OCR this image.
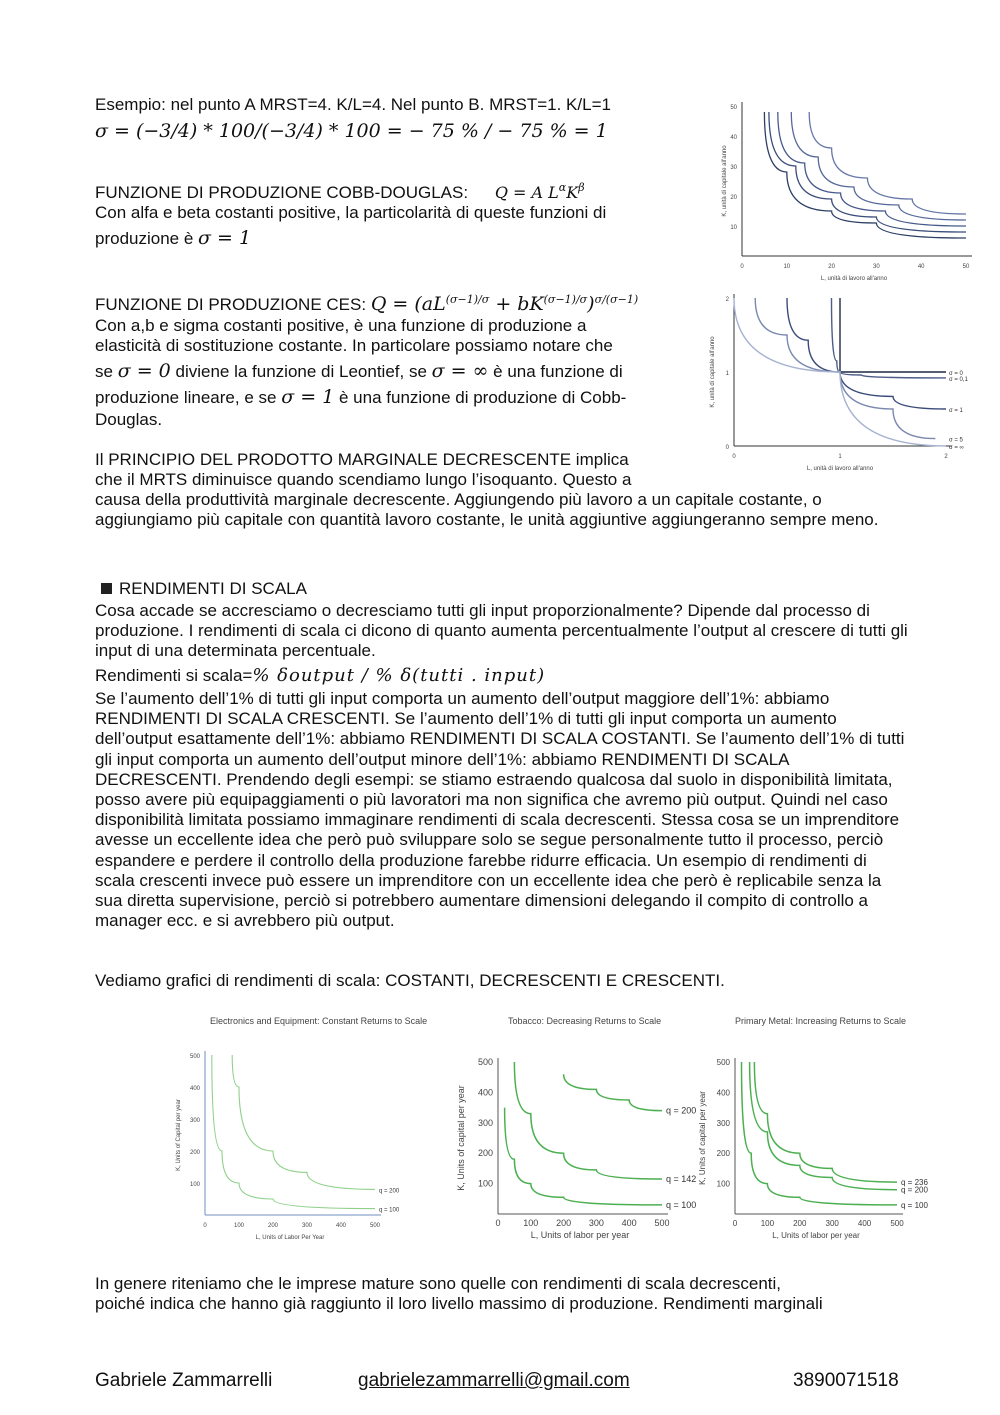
Esempio: nel punto A MRST=4. K/L=4. Nel punto B. MRST=1. K/L=1
σ = (−3/4) * 100/(−3/4) * 100 = − 75 % / − 75 % = 1
FUNZIONE DI PRODUZIONE COBB-DOUGLAS: Q = A $L^\alpha K^\beta$
Con alfa e beta costanti positive, la particolarità di queste funzioni di
produzione è σ = 1
FUNZIONE DI PRODUZIONE CES: $Q = (aL^{(\sigma-1)/\sigma} + bK^{(\sigma-1)/\sigma})^{\sigma/(\sigma-1)}$
Con a,b e sigma costanti positive, è una funzione di produzione a
elasticità di sostituzione costante. In particolare possiamo notare che
se σ = 0 diviene la funzione di Leontief, se σ = ∞ è una funzione di
produzione lineare, e se σ = 1 è una funzione di produzione di Cobb-
Douglas.
Il PRINCIPIO DEL PRODOTTO MARGINALE DECRESCENTE implica
che il MRTS diminuisce quando scendiamo lungo l’isoquanto. Questo a
causa della produttività marginale decrescente. Aggiungendo più lavoro a un capitale costante, o aggiungiamo più capitale con quantità lavoro costante, le unità aggiuntive aggiungeranno sempre meno.
RENDIMENTI DI SCALA
Cosa accade se accresciamo o decresciamo tutti gli input proporzionalmente? Dipende dal processo di produzione. I rendimenti di scala ci dicono di quanto aumenta percentualmente l’output al crescere di tutti gli input di una determinata percentuale.
Rendimenti si scala=% δoutput / % δ(tutti . input)
Se l’aumento dell’1% di tutti gli input comporta un aumento dell’output maggiore dell’1%: abbiamo RENDIMENTI DI SCALA CRESCENTI. Se l’aumento dell’1% di tutti gli input comporta un aumento dell’output esattamente dell’1%: abbiamo RENDIMENTI DI SCALA COSTANTI. Se l’aumento dell’1% di tutti gli input comporta un aumento dell’output minore dell’1%: abbiamo RENDIMENTI DI SCALA DECRESCENTI. Prendendo degli esempi: se stiamo estraendo qualcosa dal suolo in disponibilità limitata, posso avere più equipaggiamenti o più lavoratori ma non significa che avremo più output. Quindi nel caso disponibilità limitata possiamo immaginare rendimenti di scala decrescenti. Stessa cosa se un imprenditore avesse un eccellente idea che però può sviluppare solo se segue personalmente tutto il processo, perciò espandere e perdere il controllo della produzione farebbe ridurre efficacia. Un esempio di rendimenti di scala crescenti invece può essere un imprenditore con un eccellente idea che però è replicabile senza la sua diretta supervisione, perciò si potrebbero aumentare dimensioni delegando il compito di controllo a manager ecc. e si avrebbero più output.
Vediamo grafici di rendimenti di scala: COSTANTI, DECRESCENTI E CRESCENTI.
In genere riteniamo che le imprese mature sono quelle con rendimenti di scala decrescenti,
poiché indica che hanno già raggiunto il loro livello massimo di produzione. Rendimenti marginali
Gabriele Zammarrelli	gabrielezammarrelli@gmail.com	3890071518
0	10	20	30	40	50
10
20
30
40
50
L, unità di lavoro all'anno
K, unità di capitale all'anno
0	1	2
0
1
2
L, unità di lavoro all'anno
K, unità di capitale all'anno	σ = 0
σ = 0,1
σ = 1
σ = 5
σ = ∞
Electronics and Equipment: Constant Returns to Scale
0	100	200	300	400	500
100
200
300
400
500
L, Units of Labor Per Year
K, Units of Capital per year
q = 100
q = 200
Tobacco: Decreasing Returns to Scale
0	100 200 300 400 500
100
200
300
400
500
L, Units of labor per year
K, Units of capital per year
q = 100
q = 142
q = 200
Primary Metal: Increasing Returns to Scale
0	100 200 300 400 500
100
200
300
400
500
L, Units of labor per year
K, Units of capital per year
q = 100
q = 200
q = 236
